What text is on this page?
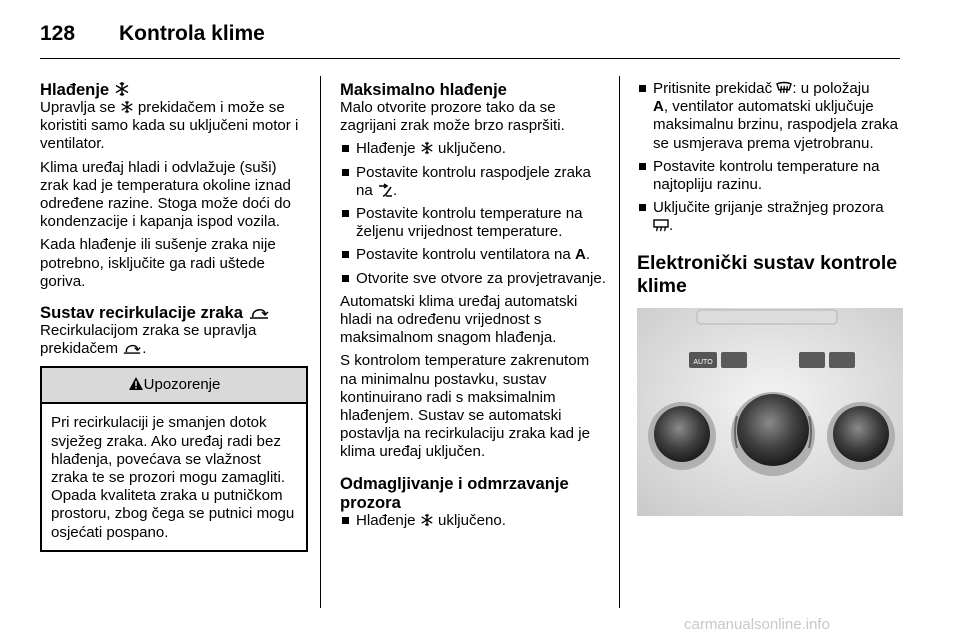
128 Kontrola klime
Hlađenje

Upravlja se prekidačem i može se koristiti samo kada su uključeni motor i ventilator.

Klima uređaj hladi i odvlažuje (suši) zrak kad je temperatura okoline iznad određene razine. Stoga može doći do kondenzacije i kapanja ispod vozila.

Kada hlađenje ili sušenje zraka nije potrebno, isključite ga radi uštede goriva.

Sustav recirkulacije zraka

Recirkulacijom zraka se upravlja prekidačem .

Upozorenje
Pri recirkulaciji je smanjen dotok svježeg zraka. Ako uređaj radi bez hlađenja, povećava se vlažnost zraka te se prozori mogu zamagliti. Opada kvaliteta zraka u putničkom prostoru, zbog čega se putnici mogu osjećati pospano.
Maksimalno hlađenje

Malo otvorite prozore tako da se zagrijani zrak može brzo raspršiti.

Hlađenje uključeno.
Postavite kontrolu raspodjele zraka na .
Postavite kontrolu temperature na željenu vrijednost temperature.
Postavite kontrolu ventilatora na A.
Otvorite sve otvore za provjetravanje.

Automatski klima uređaj automatski hladi na određenu vrijednost s maksimalnom snagom hlađenja.

S kontrolom temperature zakrenutom na minimalnu postavku, sustav kontinuirano radi s maksimalnim hlađenjem. Sustav se automatski postavlja na recirkulaciju zraka kad je klima uređaj uključen.

Odmagljivanje i odmrzavanje prozora
Hlađenje uključeno.
Pritisnite prekidač : u položaju
A, ventilator automatski uključuje maksimalnu brzinu, raspodjela zraka se usmjerava prema vjetrobranu.
Postavite kontrolu temperature na najtopliju razinu.
Uključite grijanje stražnjeg prozora
.
Elektronički sustav kontrole klime
AUTO
carmanualsonline.info
